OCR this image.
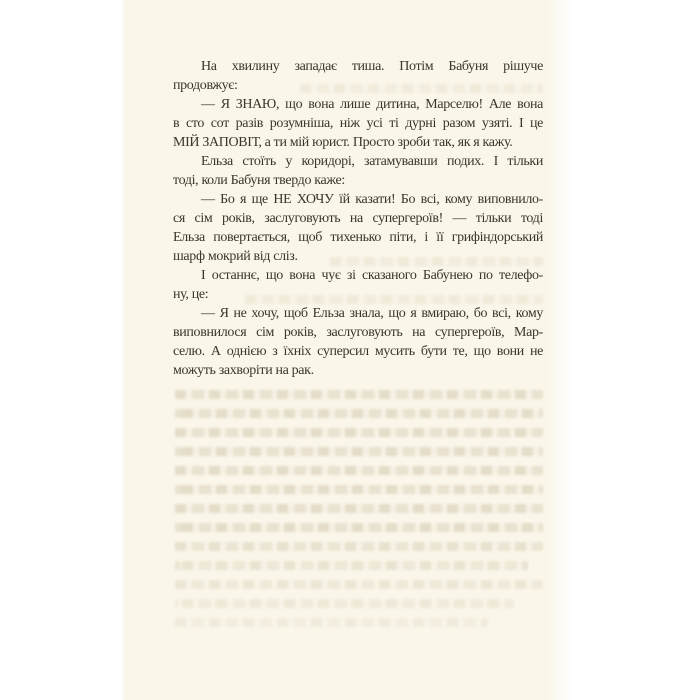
На хвилину западає тиша. Потім Бабуня рішуче
продовжує:
— Я ЗНАЮ, що вона лише дитина, Марселю! Але вона
в сто сот разів розумніша, ніж усі ті дурні разом узяті. І це
МІЙ ЗАПОВІТ, а ти мій юрист. Просто зроби так, як я кажу.
Ельза стоїть у коридорі, затамувавши подих. І тільки
тоді, коли Бабуня твердо каже:
— Бо я ще НЕ ХОЧУ їй казати! Бо всі, кому виповнило-
ся сім років, заслуговують на супергероїв! — тільки тоді
Ельза повертається, щоб тихенько піти, і її грифіндорський
шарф мокрий від сліз.
І останнє, що вона чує зі сказаного Бабунею по телефо-
ну, це:
— Я не хочу, щоб Ельза знала, що я вмираю, бо всі, кому
виповнилося сім років, заслуговують на супергероїв, Мар-
селю. А однією з їхніх суперсил мусить бути те, що вони не
можуть захворіти на рак.
